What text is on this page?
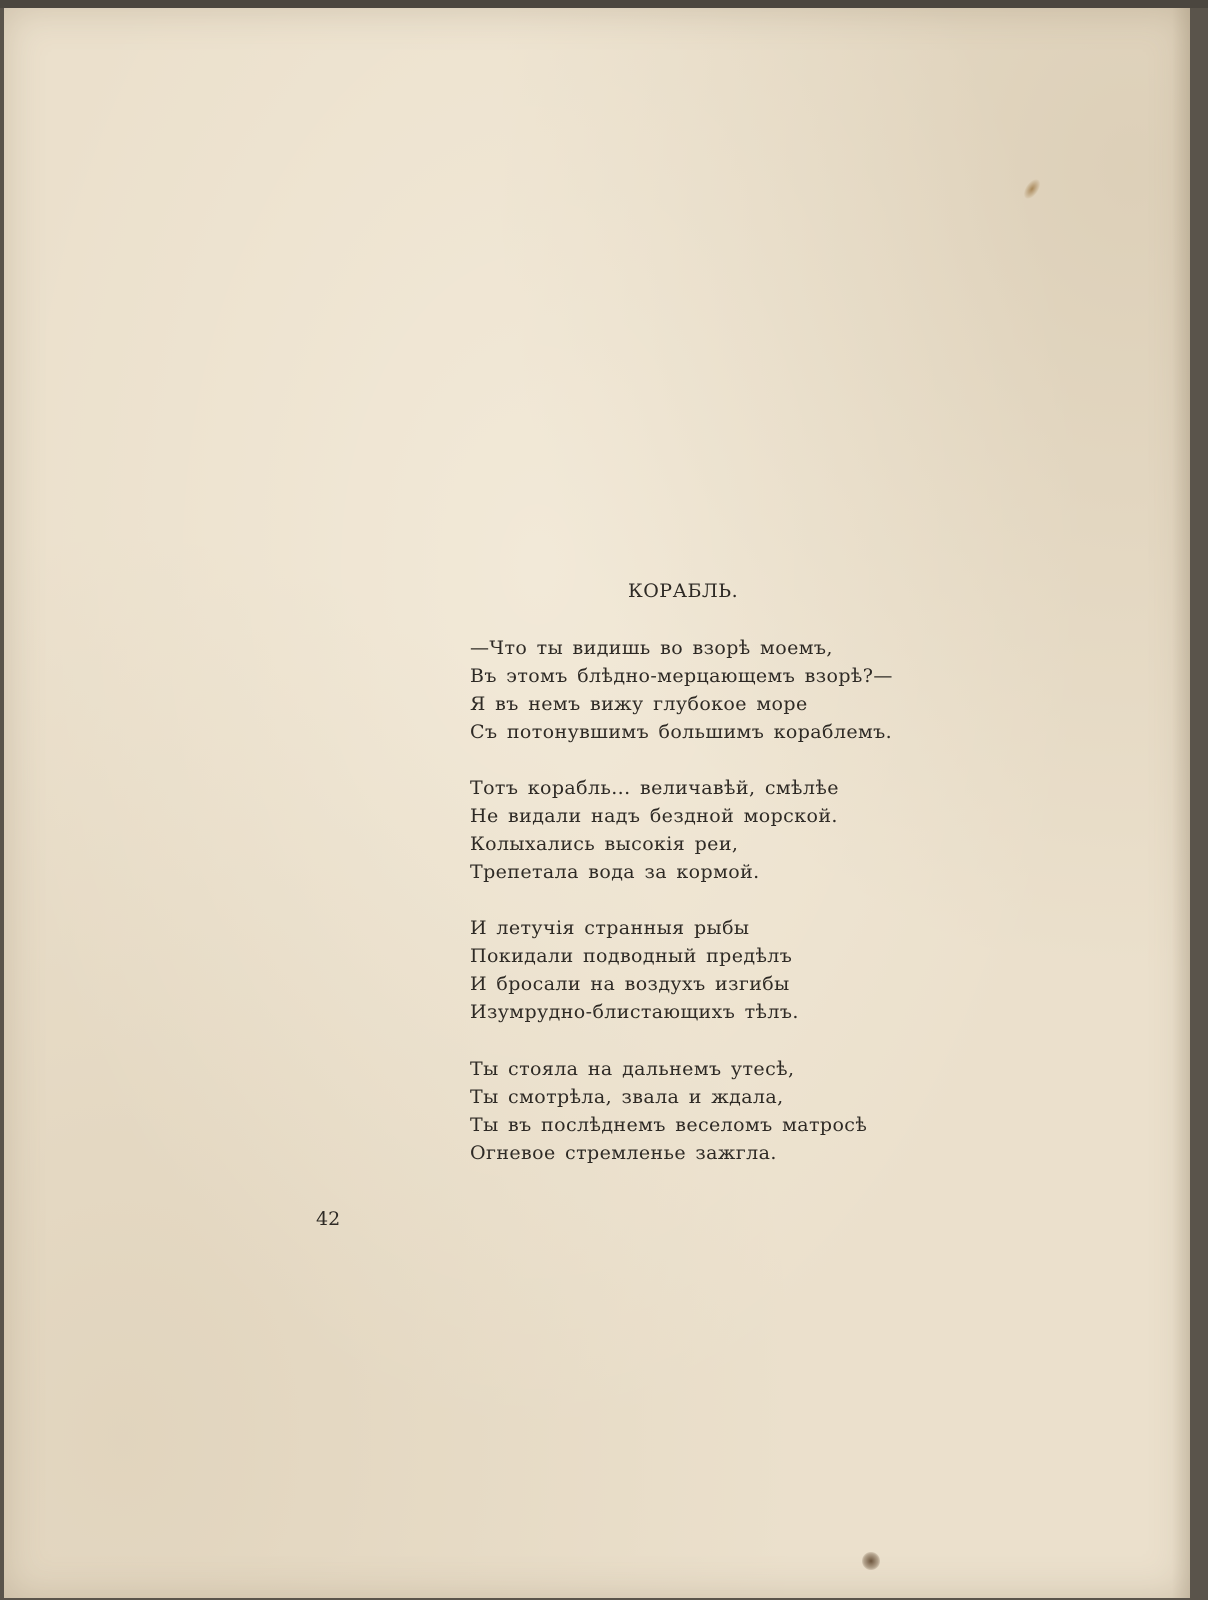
КОРАБЛЬ.
—Что ты видишь во взорѣ моемъ,
Въ этомъ блѣдно-мерцающемъ взорѣ?—
Я въ немъ вижу глубокое море
Съ потонувшимъ большимъ кораблемъ.
Тотъ корабль... величавѣй, смѣлѣе
Не видали надъ бездной морской.
Колыхались высокія реи,
Трепетала вода за кормой.
И летучія странныя рыбы
Покидали подводный предѣлъ
И бросали на воздухъ изгибы
Изумрудно-блистающихъ тѣлъ.
Ты стояла на дальнемъ утесѣ,
Ты смотрѣла, звала и ждала,
Ты въ послѣднемъ веселомъ матросѣ
Огневое стремленье зажгла.
42
